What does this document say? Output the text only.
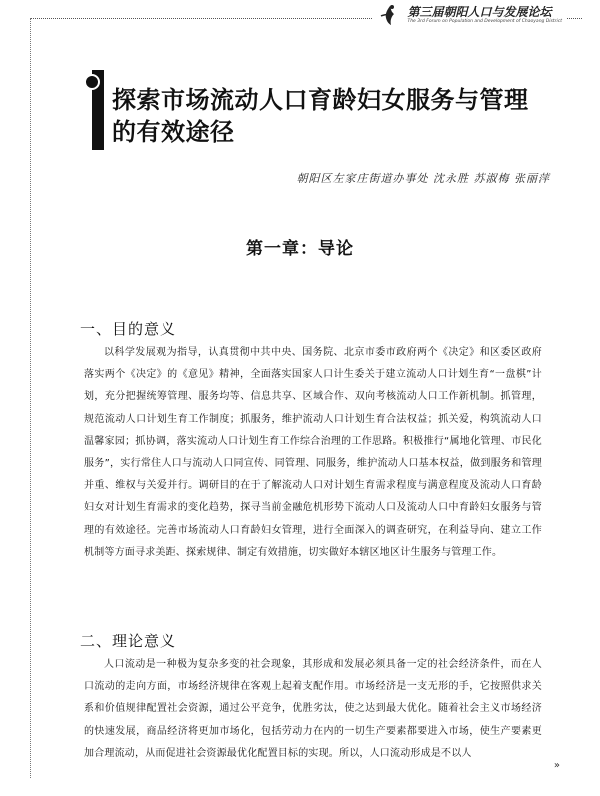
第三届朝阳人口与发展论坛
The 3rd Forum on Population and Development of Chaoyang District
探索市场流动人口育龄妇女服务与管理的有效途径
朝阳区左家庄街道办事处 沈永胜 苏淑梅 张丽萍
第一章：导论
一、目的意义
以科学发展观为指导，认真贯彻中共中央、国务院、北京市委市政府两个《决定》和区委区政府落实两个《决定》的《意见》精神，全面落实国家人口计生委关于建立流动人口计划生育“一盘棋”计划，充分把握统筹管理、服务均等、信息共享、区域合作、双向考核流动人口工作新机制。抓管理，规范流动人口计划生育工作制度；抓服务，维护流动人口计划生育合法权益；抓关爱，构筑流动人口温馨家园；抓协调，落实流动人口计划生育工作综合治理的工作思路。积极推行“属地化管理、市民化服务”，实行常住人口与流动人口同宣传、同管理、同服务，维护流动人口基本权益，做到服务和管理并重、维权与关爱并行。调研目的在于了解流动人口对计划生育需求程度与满意程度及流动人口育龄妇女对计划生育需求的变化趋势，探寻当前金融危机形势下流动人口及流动人口中育龄妇女服务与管理的有效途径。完善市场流动人口育龄妇女管理，进行全面深入的调查研究，在利益导向、建立工作机制等方面寻求美距、探索规律、制定有效措施，切实做好本辖区地区计生服务与管理工作。
二、理论意义
人口流动是一种极为复杂多变的社会现象，其形成和发展必须具备一定的社会经济条件，而在人口流动的走向方面，市场经济规律在客观上起着支配作用。市场经济是一支无形的手，它按照供求关系和价值规律配置社会资源，通过公平竞争，优胜劣汰，使之达到最大优化。随着社会主义市场经济的快速发展，商品经济将更加市场化，包括劳动力在内的一切生产要素都要进入市场，使生产要素更加合理流动，从而促进社会资源最优化配置目标的实现。所以，人口流动形成是不以人
»
